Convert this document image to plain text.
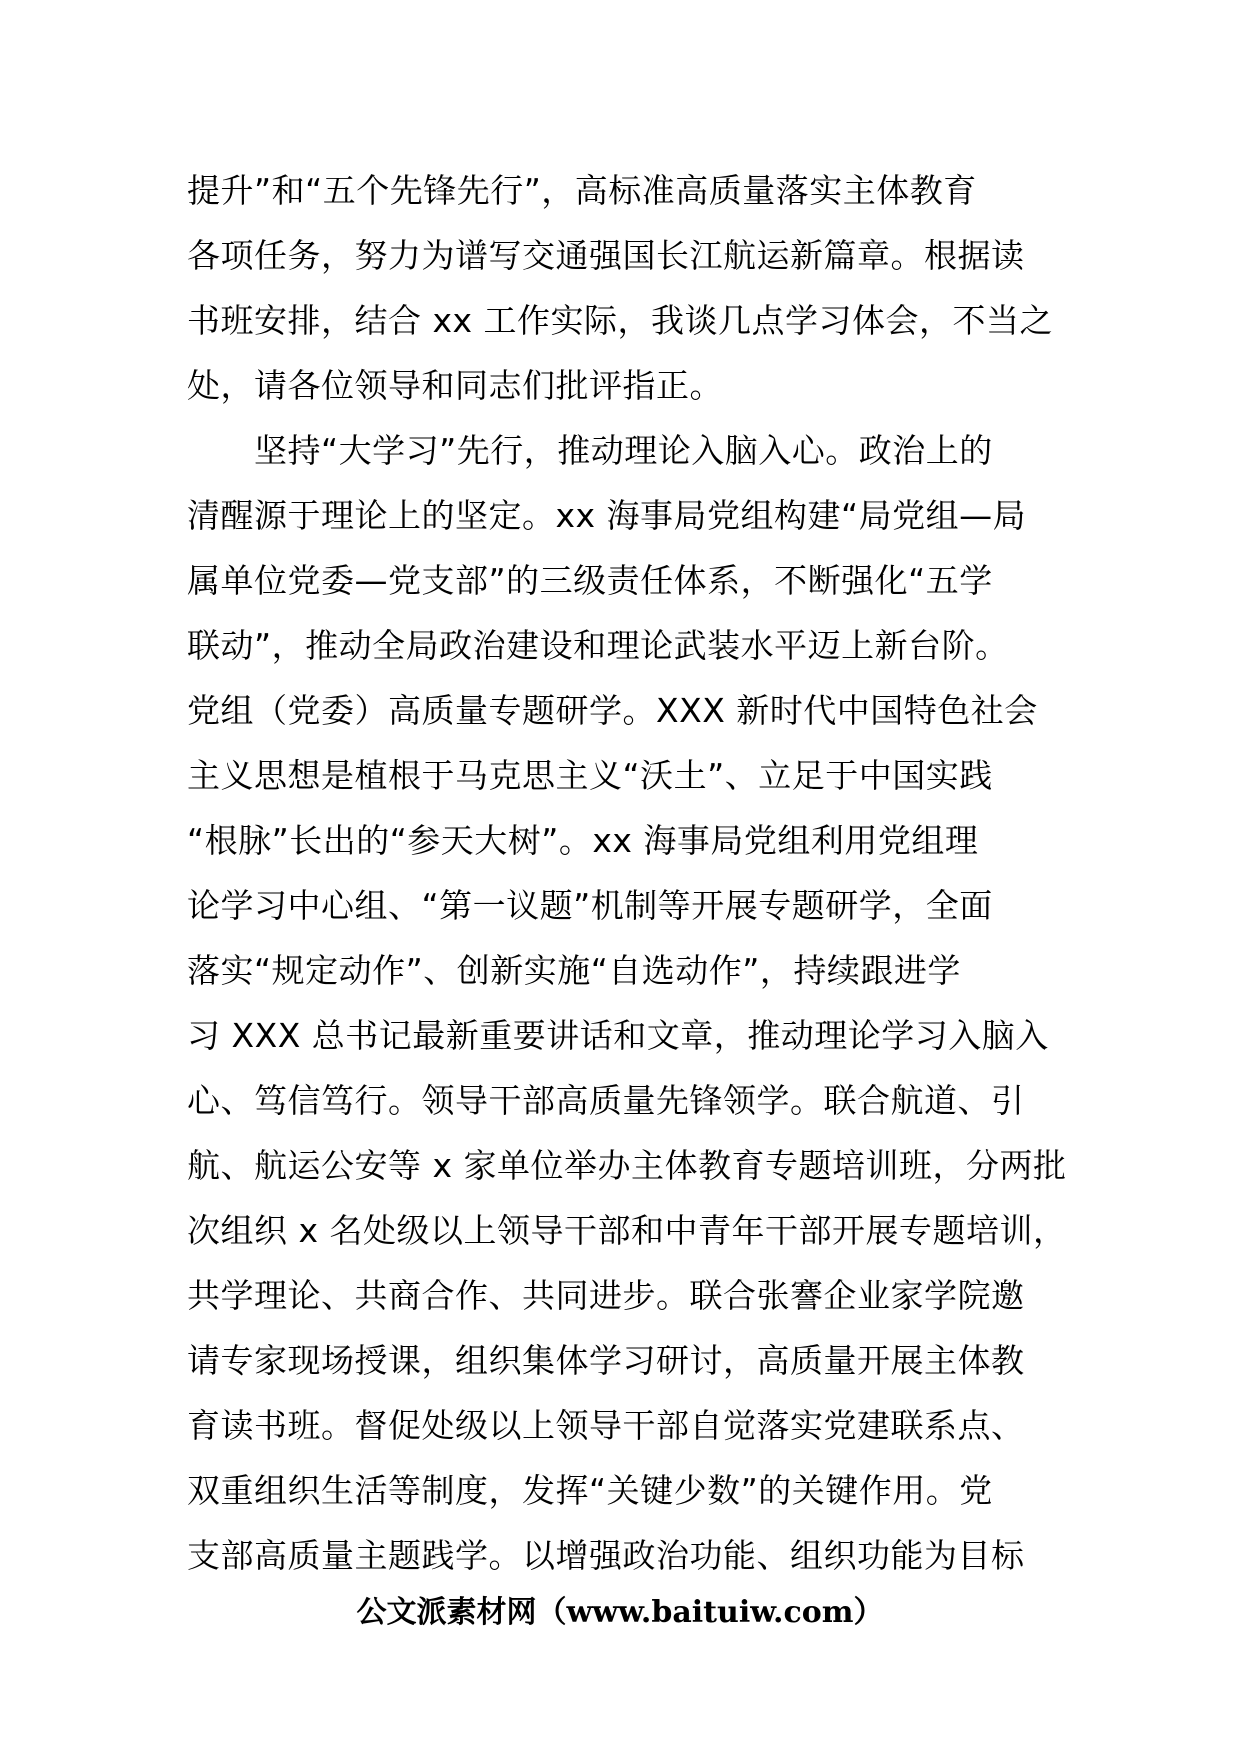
提升”和“五个先锋先行”，高标准高质量落实主体教育
各项任务，努力为谱写交通强国长江航运新篇章。根据读
书班安排，结合 xx 工作实际，我谈几点学习体会，不当之
处，请各位领导和同志们批评指正。
　　坚持“大学习”先行，推动理论入脑入心。政治上的
清醒源于理论上的坚定。xx 海事局党组构建“局党组—局
属单位党委—党支部”的三级责任体系，不断强化“五学
联动”，推动全局政治建设和理论武装水平迈上新台阶。
党组（党委）高质量专题研学。XXX 新时代中国特色社会
主义思想是植根于马克思主义“沃土”、立足于中国实践
“根脉”长出的“参天大树”。xx 海事局党组利用党组理
论学习中心组、“第一议题”机制等开展专题研学，全面
落实“规定动作”、创新实施“自选动作”，持续跟进学
习 XXX 总书记最新重要讲话和文章，推动理论学习入脑入
心、笃信笃行。领导干部高质量先锋领学。联合航道、引
航、航运公安等 x 家单位举办主体教育专题培训班，分两批
次组织 x 名处级以上领导干部和中青年干部开展专题培训，
共学理论、共商合作、共同进步。联合张謇企业家学院邀
请专家现场授课，组织集体学习研讨，高质量开展主体教
育读书班。督促处级以上领导干部自觉落实党建联系点、
双重组织生活等制度，发挥“关键少数”的关键作用。党
支部高质量主题践学。以增强政治功能、组织功能为目标
公文派素材网（www.baituiw.com）
